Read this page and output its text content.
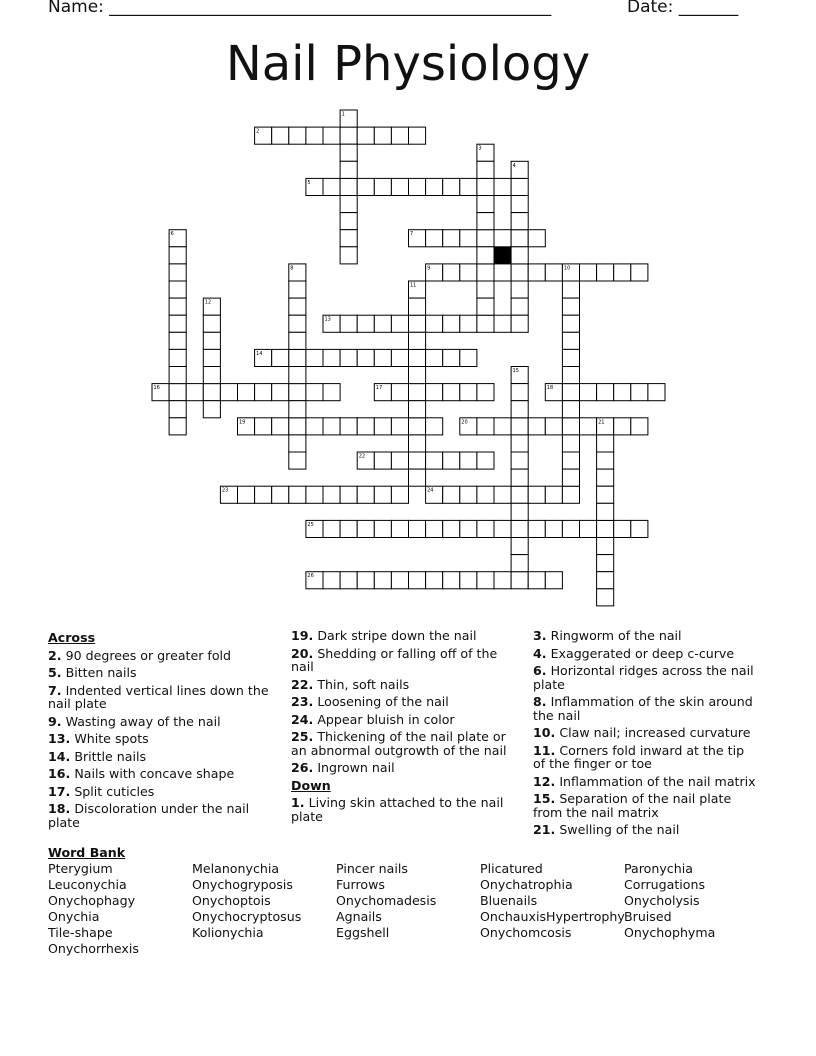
Name: ____________________________________________________	Date: _______
Nail Physiology
1
2
3
4
5
6	7
8	9	10
11
12
13
14
15
16	17	18
19	20	21
22
23	24
25
26
Across
2. 90 degrees or greater fold
5. Bitten nails
7. Indented vertical lines down the nail plate
9. Wasting away of the nail
13. White spots
14. Brittle nails
16. Nails with concave shape
17. Split cuticles
18. Discoloration under the nail plate
19. Dark stripe down the nail
20. Shedding or falling off of the nail
22. Thin, soft nails
23. Loosening of the nail
24. Appear bluish in color
25. Thickening of the nail plate or an abnormal outgrowth of the nail
26. Ingrown nail
Down
1. Living skin attached to the nail plate
3. Ringworm of the nail
4. Exaggerated or deep c-curve
6. Horizontal ridges across the nail plate
8. Inflammation of the skin around the nail
10. Claw nail; increased curvature
11. Corners fold inward at the tip of the finger or toe
12. Inflammation of the nail matrix
15. Separation of the nail plate from the nail matrix
21. Swelling of the nail
Word Bank
Pterygium
Leuconychia
Onychophagy
Onychia
Tile-shape
Onychorrhexis
Melanonychia
Onychogryposis
Onychoptois
Onychocryptosus
Kolionychia
Pincer nails
Furrows
Onychomadesis
Agnails
Eggshell
Plicatured
Onychatrophia
Bluenails
OnchauxisHypertrophy
Onychomcosis
Paronychia
Corrugations
Onycholysis
Bruised
Onychophyma
